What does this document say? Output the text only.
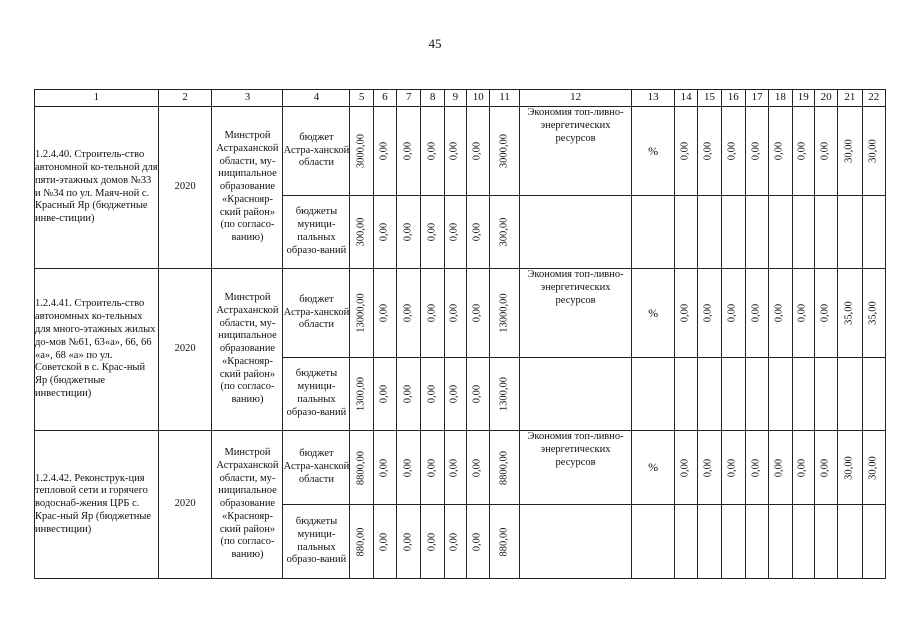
45
1	2	3	4	5	6	7	8	9	10	11	12	13	14	15	16	17	18	19	20	21	22
1.2.4.40. Строитель-ство автономной ко-тельной для пяти-этажных домов №33 и №34 по ул. Маяч-ной с. Красный Яр (бюджетные инве-стиции)	2020	Минстрой Астраханской области, му-ниципальное образование «Краснояр-ский район» (по согласо-ванию)	бюджет Астра-ханской области	3000,00	0,00	0,00	0,00	0,00	0,00	3000,00	Экономия топ-ливно-энергетических ресурсов	%	0,00	0,00	0,00	0,00	0,00	0,00	0,00	30,00	30,00

			бюджеты муници-пальных образо-ваний	300,00	0,00	0,00	0,00	0,00	0,00	300,00											

1.2.4.41. Строитель-ство автономных ко-тельных для много-этажных жилых до-мов №61, 63«а», 66, 66 «а», 68 «а» по ул. Советской в с. Крас-ный Яр (бюджетные инвестиции)	2020	Минстрой Астраханской области, му-ниципальное образование «Краснояр-ский район» (по согласо-ванию)	бюджет Астра-ханской области	13000,00	0,00	0,00	0,00	0,00	0,00	13000,00	Экономия топ-ливно-энергетических ресурсов	%	0,00	0,00	0,00	0,00	0,00	0,00	0,00	35,00	35,00

			бюджеты муници-пальных образо-ваний	1300,00	0,00	0,00	0,00	0,00	0,00	1300,00											

1.2.4.42. Реконструк-ция тепловой сети и горячего водоснаб-жения ЦРБ с. Крас-ный Яр (бюджетные инвестиции)	2020	Минстрой Астраханской области, му-ниципальное образование «Краснояр-ский район» (по согласо-ванию)	бюджет Астра-ханской области	8800,00	0,00	0,00	0,00	0,00	0,00	8800,00	Экономия топ-ливно-энергетических ресурсов	%	0,00	0,00	0,00	0,00	0,00	0,00	0,00	30,00	30,00

			бюджеты муници-пальных образо-ваний	880,00	0,00	0,00	0,00	0,00	0,00	880,00											
